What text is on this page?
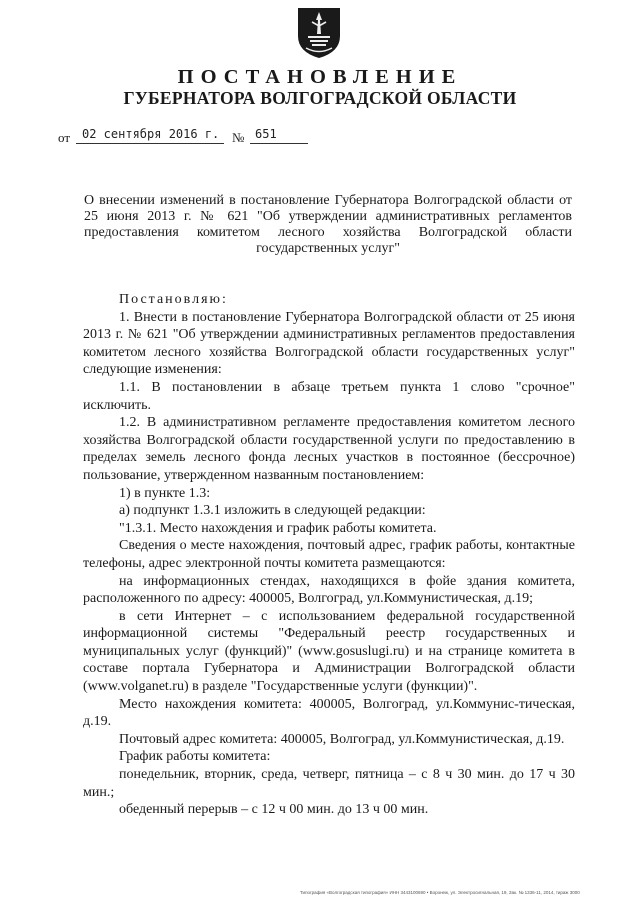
ПОСТАНОВЛЕНИЕ
ГУБЕРНАТОРА ВОЛГОГРАДСКОЙ ОБЛАСТИ
от 02 сентября 2016 г. № 651
О внесении изменений в постановление Губернатора Волгоградской области от 25 июня 2013 г. № 621 "Об утверждении административных регламентов предоставления комитетом лесного хозяйства Волгоградской области государственных услуг"

Постановляю:

1. Внести в постановление Губернатора Волгоградской области от 25 июня 2013 г. № 621 "Об утверждении административных регламентов предоставления комитетом лесного хозяйства Волгоградской области государственных услуг" следующие изменения:

1.1. В постановлении в абзаце третьем пункта 1 слово "срочное" исключить.

1.2. В административном регламенте предоставления комитетом лесного хозяйства Волгоградской области государственной услуги по предоставлению в пределах земель лесного фонда лесных участков в постоянное (бессрочное) пользование, утвержденном названным постановлением:

1) в пункте 1.3:

а) подпункт 1.3.1 изложить в следующей редакции:

"1.3.1. Место нахождения и график работы комитета.

Сведения о месте нахождения, почтовый адрес, график работы, контактные телефоны, адрес электронной почты комитета размещаются:

на информационных стендах, находящихся в фойе здания комитета, расположенного по адресу: 400005, Волгоград, ул.Коммунистическая, д.19;

в сети Интернет – с использованием федеральной государственной информационной системы "Федеральный реестр государственных и муниципальных услуг (функций)" (www.gosuslugi.ru) и на странице комитета в составе портала Губернатора и Администрации Волгоградской области (www.volganet.ru) в разделе "Государственные услуги (функции)".

Место нахождения комитета: 400005, Волгоград, ул.Коммунис-тическая, д.19.

Почтовый адрес комитета: 400005, Волгоград, ул.Коммунистическая, д.19.

График работы комитета:

понедельник, вторник, среда, четверг, пятница – с 8 ч 30 мин. до 17 ч 30 мин.;

обеденный перерыв – с 12 ч 00 мин. до 13 ч 00 мин.

Типография «Волгоградская типография» ИНН 3443100690 • Воронеж, ул. Электросигнальная, 19, Зак. № 1336-11, 2014, тираж 3000
